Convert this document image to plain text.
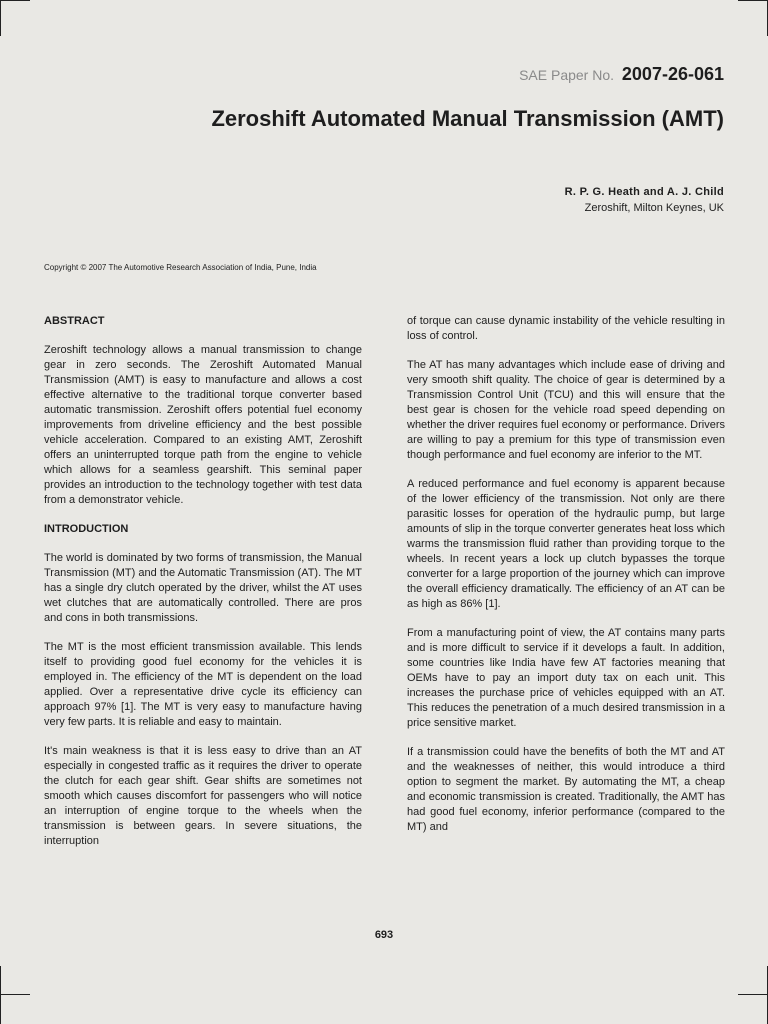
SAE Paper No. 2007-26-061
Zeroshift Automated Manual Transmission (AMT)
R. P. G. Heath and A. J. Child
Zeroshift, Milton Keynes, UK
Copyright © 2007 The Automotive Research Association of India, Pune, India
ABSTRACT

Zeroshift technology allows a manual transmission to change gear in zero seconds. The Zeroshift Automated Manual Transmission (AMT) is easy to manufacture and allows a cost effective alternative to the traditional torque converter based automatic transmission. Zeroshift offers potential fuel economy improvements from driveline efficiency and the best possible vehicle acceleration. Compared to an existing AMT, Zeroshift offers an uninterrupted torque path from the engine to vehicle which allows for a seamless gearshift. This seminal paper provides an introduction to the technology together with test data from a demonstrator vehicle.

INTRODUCTION

The world is dominated by two forms of transmission, the Manual Transmission (MT) and the Automatic Transmission (AT). The MT has a single dry clutch operated by the driver, whilst the AT uses wet clutches that are automatically controlled. There are pros and cons in both transmissions.

The MT is the most efficient transmission available. This lends itself to providing good fuel economy for the vehicles it is employed in. The efficiency of the MT is dependent on the load applied. Over a representative drive cycle its efficiency can approach 97% [1]. The MT is very easy to manufacture having very few parts. It is reliable and easy to maintain.

It's main weakness is that it is less easy to drive than an AT especially in congested traffic as it requires the driver to operate the clutch for each gear shift. Gear shifts are sometimes not smooth which causes discomfort for passengers who will notice an interruption of engine torque to the wheels when the transmission is between gears. In severe situations, the interruption

of torque can cause dynamic instability of the vehicle resulting in loss of control.

The AT has many advantages which include ease of driving and very smooth shift quality. The choice of gear is determined by a Transmission Control Unit (TCU) and this will ensure that the best gear is chosen for the vehicle road speed depending on whether the driver requires fuel economy or performance. Drivers are willing to pay a premium for this type of transmission even though performance and fuel economy are inferior to the MT.

A reduced performance and fuel economy is apparent because of the lower efficiency of the transmission. Not only are there parasitic losses for operation of the hydraulic pump, but large amounts of slip in the torque converter generates heat loss which warms the transmission fluid rather than providing torque to the wheels. In recent years a lock up clutch bypasses the torque converter for a large proportion of the journey which can improve the overall efficiency dramatically. The efficiency of an AT can be as high as 86% [1].

From a manufacturing point of view, the AT contains many parts and is more difficult to service if it develops a fault. In addition, some countries like India have few AT factories meaning that OEMs have to pay an import duty tax on each unit. This increases the purchase price of vehicles equipped with an AT. This reduces the penetration of a much desired transmission in a price sensitive market.

If a transmission could have the benefits of both the MT and AT and the weaknesses of neither, this would introduce a third option to segment the market. By automating the MT, a cheap and economic transmission is created. Traditionally, the AMT has had good fuel economy, inferior performance (compared to the MT) and

693
